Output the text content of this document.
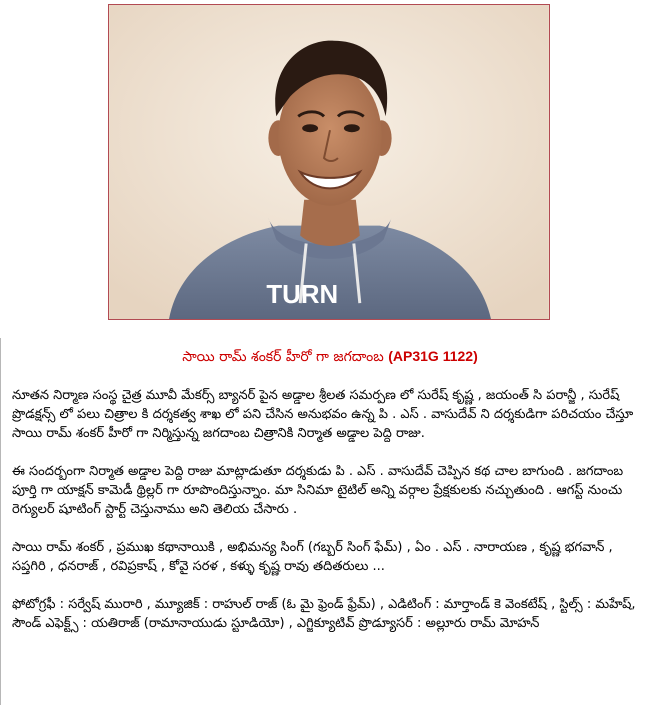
TURN
సాయి రామ్ శంకర్ హీరో గా జగదాంబ (AP31G 1122)

నూతన నిర్మాణ సంస్థ చైత్ర మూవీ మేకర్స్ బ్యానర్ పైన అడ్డాల శ్రీలత సమర్పణ లో సురేష్ కృష్ణ , జయంత్ సి పరాన్జీ , సురేష్ ప్రొడక్షన్స్ లో పలు చిత్రాల కి దర్శకత్వ శాఖ లో పని చేసిన అనుభవం ఉన్న పి . ఎస్ . వాసుదేవ్ ని దర్శకుడిగా పరిచయం చేస్తూ సాయి రామ్ శంకర్ హీరో గా నిర్మిస్తున్న జగదాంబ చిత్రానికి నిర్మాత అడ్డాల పెద్ది రాజు.

ఈ సందర్బంగా నిర్మాత అడ్డాల పెద్ది రాజు మాట్లాడుతూ దర్శకుడు పి . ఎస్ . వాసుదేవ్ చెప్పిన కథ చాల బాగుంది . జగదాంబ పూర్తి గా యాక్షన్ కామెడీ థ్రిల్లర్ గా రూపొందిస్తున్నాం. మా సినిమా టైటిల్ అన్ని వర్గాల ప్రేక్షకులకు నచ్చుతుంది . ఆగస్ట్ నుంచు రెగ్యులర్ షూటింగ్ స్టార్ట్ చెస్తునాము అని తెలియ చేసారు .

సాయి రామ్ శంకర్ , ప్రముఖ కథానాయికి , అభిమన్య సింగ్ (గబ్బర్ సింగ్ ఫేమ్) , ఏం . ఎస్ . నారాయణ , కృష్ణ భగవాన్ , సప్తగిరి , ధనరాజ్ , రవిప్రకాష్ , కోవై సరళ , కళ్ళు కృష్ణ రావు తదితరులు ...

ఫోటోగ్రఫీ : సర్వేష్ మురారి , మ్యూజిక్ : రాహుల్ రాజ్ (ఓ మై ఫ్రెండ్ ఫ్రేమ్) , ఎడిటింగ్ : మార్తాండ్ కె వెంకటేష్ , స్టిల్స్ : మహేష్, సౌండ్ ఎఫెక్ట్స్ : యతిరాజ్ (రామానాయుడు స్టూడియో) , ఎగ్జిక్యూటివ్ ప్రొడ్యూసర్ : అల్లూరు రామ్ మోహన్
